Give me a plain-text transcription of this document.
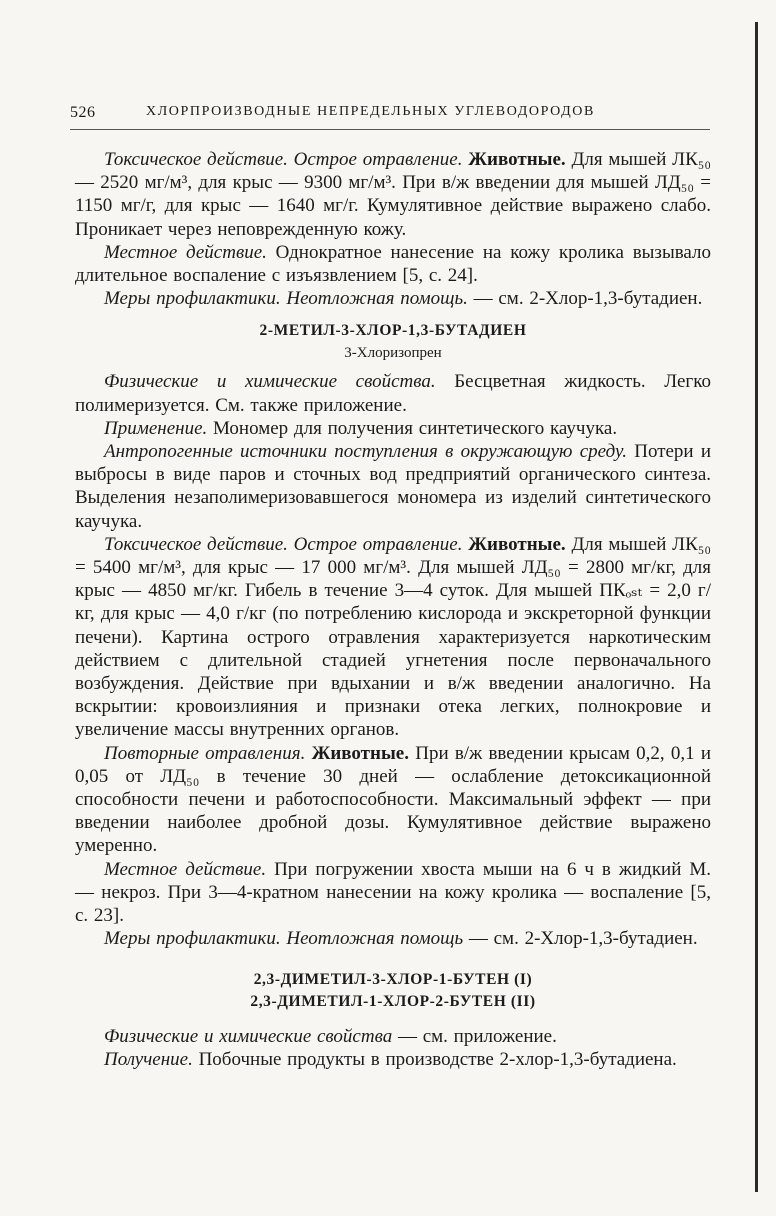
526	ХЛОРПРОИЗВОДНЫЕ НЕПРЕДЕЛЬНЫХ УГЛЕВОДОРОДОВ

Токсическое действие. Острое отравление. Животные. Для мышей ЛК₅₀ — 2520 мг/м³, для крыс — 9300 мг/м³. При в/ж введении для мышей ЛД₅₀ = 1150 мг/г, для крыс — 1640 мг/г. Кумулятивное действие выражено слабо. Проникает через неповрежденную кожу.

Местное действие. Однократное нанесение на кожу кролика вызывало длительное воспаление с изъязвлением [5, с. 24].

Меры профилактики. Неотложная помощь. — см. 2-Хлор-1,3-бутадиен.

2-МЕТИЛ-3-ХЛОР-1,3-БУТАДИЕН

3-Хлоризопрен

Физические и химические свойства. Бесцветная жидкость. Легко полимеризуется. См. также приложение.

Применение. Мономер для получения синтетического каучука.

Антропогенные источники поступления в окружающую среду. Потери и выбросы в виде паров и сточных вод предприятий органического синтеза. Выделения незаполимеризовавшегося мономера из изделий синтетического каучука.

Токсическое действие. Острое отравление. Животные. Для мышей ЛК₅₀ = 5400 мг/м³, для крыс — 17 000 мг/м³. Для мышей ЛД₅₀ = 2800 мг/кг, для крыс — 4850 мг/кг. Гибель в течение 3—4 суток. Для мышей ПКₒₛₜ = 2,0 г/кг, для крыс — 4,0 г/кг (по потреблению кислорода и экскреторной функции печени). Картина острого отравления характеризуется наркотическим действием с длительной стадией угнетения после первоначального возбуждения. Действие при вдыхании и в/ж введении аналогично. На вскрытии: кровоизлияния и признаки отека легких, полнокровие и увеличение массы внутренних органов.

Повторные отравления. Животные. При в/ж введении крысам 0,2, 0,1 и 0,05 от ЛД₅₀ в течение 30 дней — ослабление детоксикационной способности печени и работоспособности. Максимальный эффект — при введении наиболее дробной дозы. Кумулятивное действие выражено умеренно.

Местное действие. При погружении хвоста мыши на 6 ч в жидкий М. — некроз. При 3—4-кратном нанесении на кожу кролика — воспаление [5, с. 23].

Меры профилактики. Неотложная помощь — см. 2-Хлор-1,3-бутадиен.

2,3-ДИМЕТИЛ-3-ХЛОР-1-БУТЕН (I)

2,3-ДИМЕТИЛ-1-ХЛОР-2-БУТЕН (II)

Физические и химические свойства — см. приложение.

Получение. Побочные продукты в производстве 2-хлор-1,3-бутадиена.
